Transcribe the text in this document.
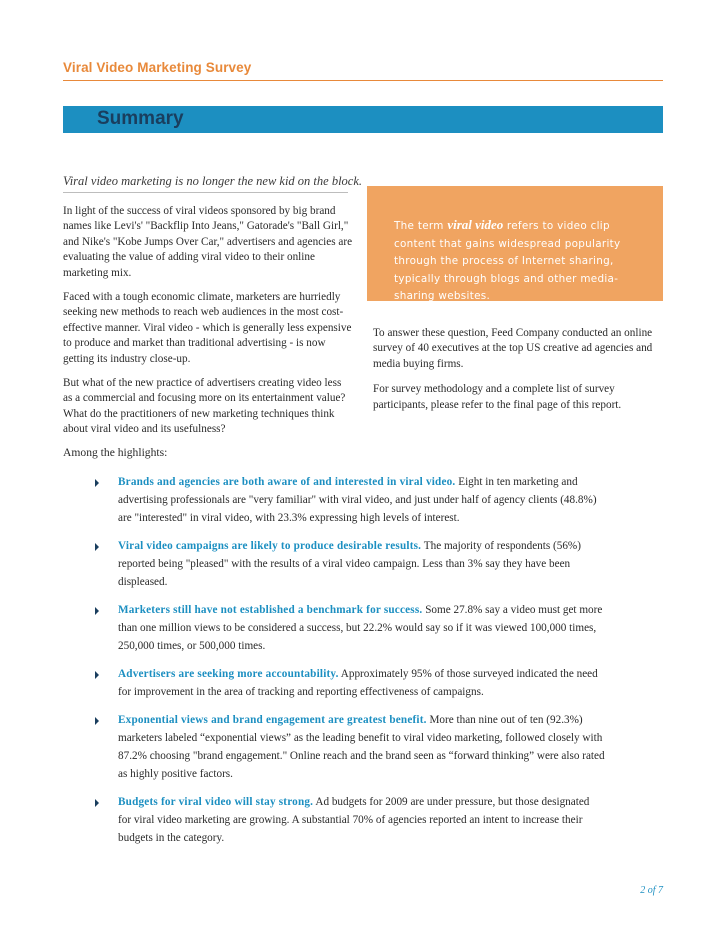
Viral Video Marketing Survey
Summary
Viral video marketing is no longer the new kid on the block.

In light of the success of viral videos sponsored by big brand names like Levi's' "Backflip Into Jeans," Gatorade's "Ball Girl," and Nike's "Kobe Jumps Over Car," advertisers and agencies are evaluating the value of adding viral video to their online marketing mix.

Faced with a tough economic climate, marketers are hurriedly seeking new methods to reach web audiences in the most cost-effective manner. Viral video - which is generally less expensive to produce and market than traditional advertising - is now getting its industry close-up.

But what of the new practice of advertisers creating video less as a commercial and focusing more on its entertainment value? What do the practitioners of new marketing techniques think about viral video and its usefulness?

The term viral video refers to video clip content that gains widespread popularity through the process of Internet sharing, typically through blogs and other media-sharing websites.

To answer these question, Feed Company conducted an online survey of 40 executives at the top US creative ad agencies and media buying firms.

For survey methodology and a complete list of survey participants, please refer to the final page of this report.

Among the highlights:
Brands and agencies are both aware of and interested in viral video. Eight in ten marketing and advertising professionals are "very familiar" with viral video, and just under half of agency clients (48.8%) are "interested" in viral video, with 23.3% expressing high levels of interest.
Viral video campaigns are likely to produce desirable results. The majority of respondents (56%) reported being "pleased" with the results of a viral video campaign. Less than 3% say they have been displeased.
Marketers still have not established a benchmark for success. Some 27.8% say a video must get more than one million views to be considered a success, but 22.2% would say so if it was viewed 100,000 times, 250,000 times, or 500,000 times.
Advertisers are seeking more accountability. Approximately 95% of those surveyed indicated the need for improvement in the area of tracking and reporting effectiveness of campaigns.
Exponential views and brand engagement are greatest benefit. More than nine out of ten (92.3%) marketers labeled “exponential views” as the leading benefit to viral video marketing, followed closely with 87.2% choosing "brand engagement." Online reach and the brand seen as “forward thinking” were also rated as highly positive factors.
Budgets for viral video will stay strong. Ad budgets for 2009 are under pressure, but those designated for viral video marketing are growing. A substantial 70% of agencies reported an intent to increase their budgets in the category.
2 of 7
